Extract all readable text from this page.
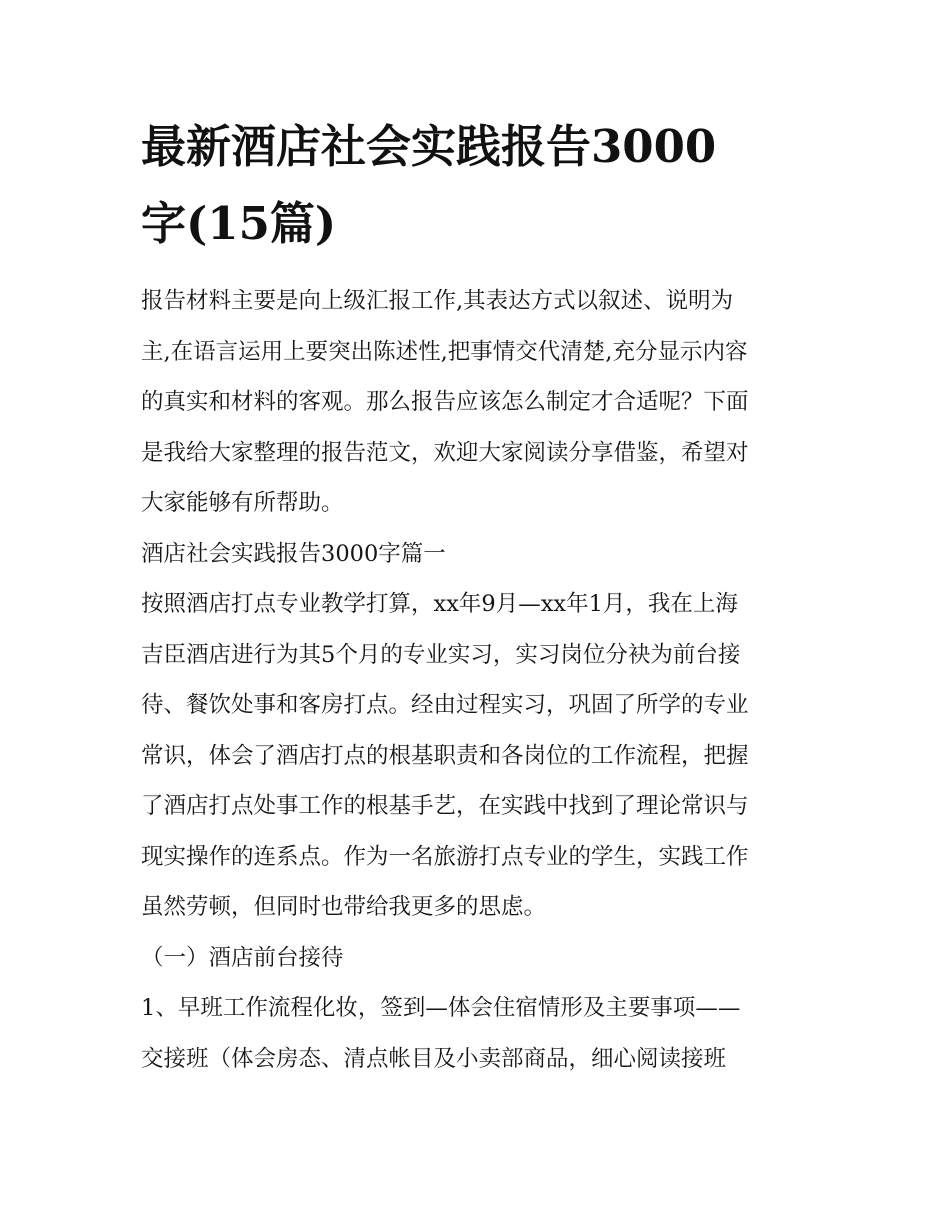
最新酒店社会实践报告3000
字(15篇)

报告材料主要是向上级汇报工作,其表达方式以叙述、说明为
主,在语言运用上要突出陈述性,把事情交代清楚,充分显示内容
的真实和材料的客观。那么报告应该怎么制定才合适呢？下面
是我给大家整理的报告范文，欢迎大家阅读分享借鉴，希望对
大家能够有所帮助。

酒店社会实践报告3000字篇一

按照酒店打点专业教学打算，xx年9月—xx年1月，我在上海
吉臣酒店进行为其5个月的专业实习，实习岗位分袂为前台接
待、餐饮处事和客房打点。经由过程实习，巩固了所学的专业
常识，体会了酒店打点的根基职责和各岗位的工作流程，把握
了酒店打点处事工作的根基手艺，在实践中找到了理论常识与
现实操作的连系点。作为一名旅游打点专业的学生，实践工作
虽然劳顿，但同时也带给我更多的思虑。

（一）酒店前台接待

1、早班工作流程化妆，签到—体会住宿情形及主要事项——
交接班（体会房态、清点帐目及小卖部商品，细心阅读接班
